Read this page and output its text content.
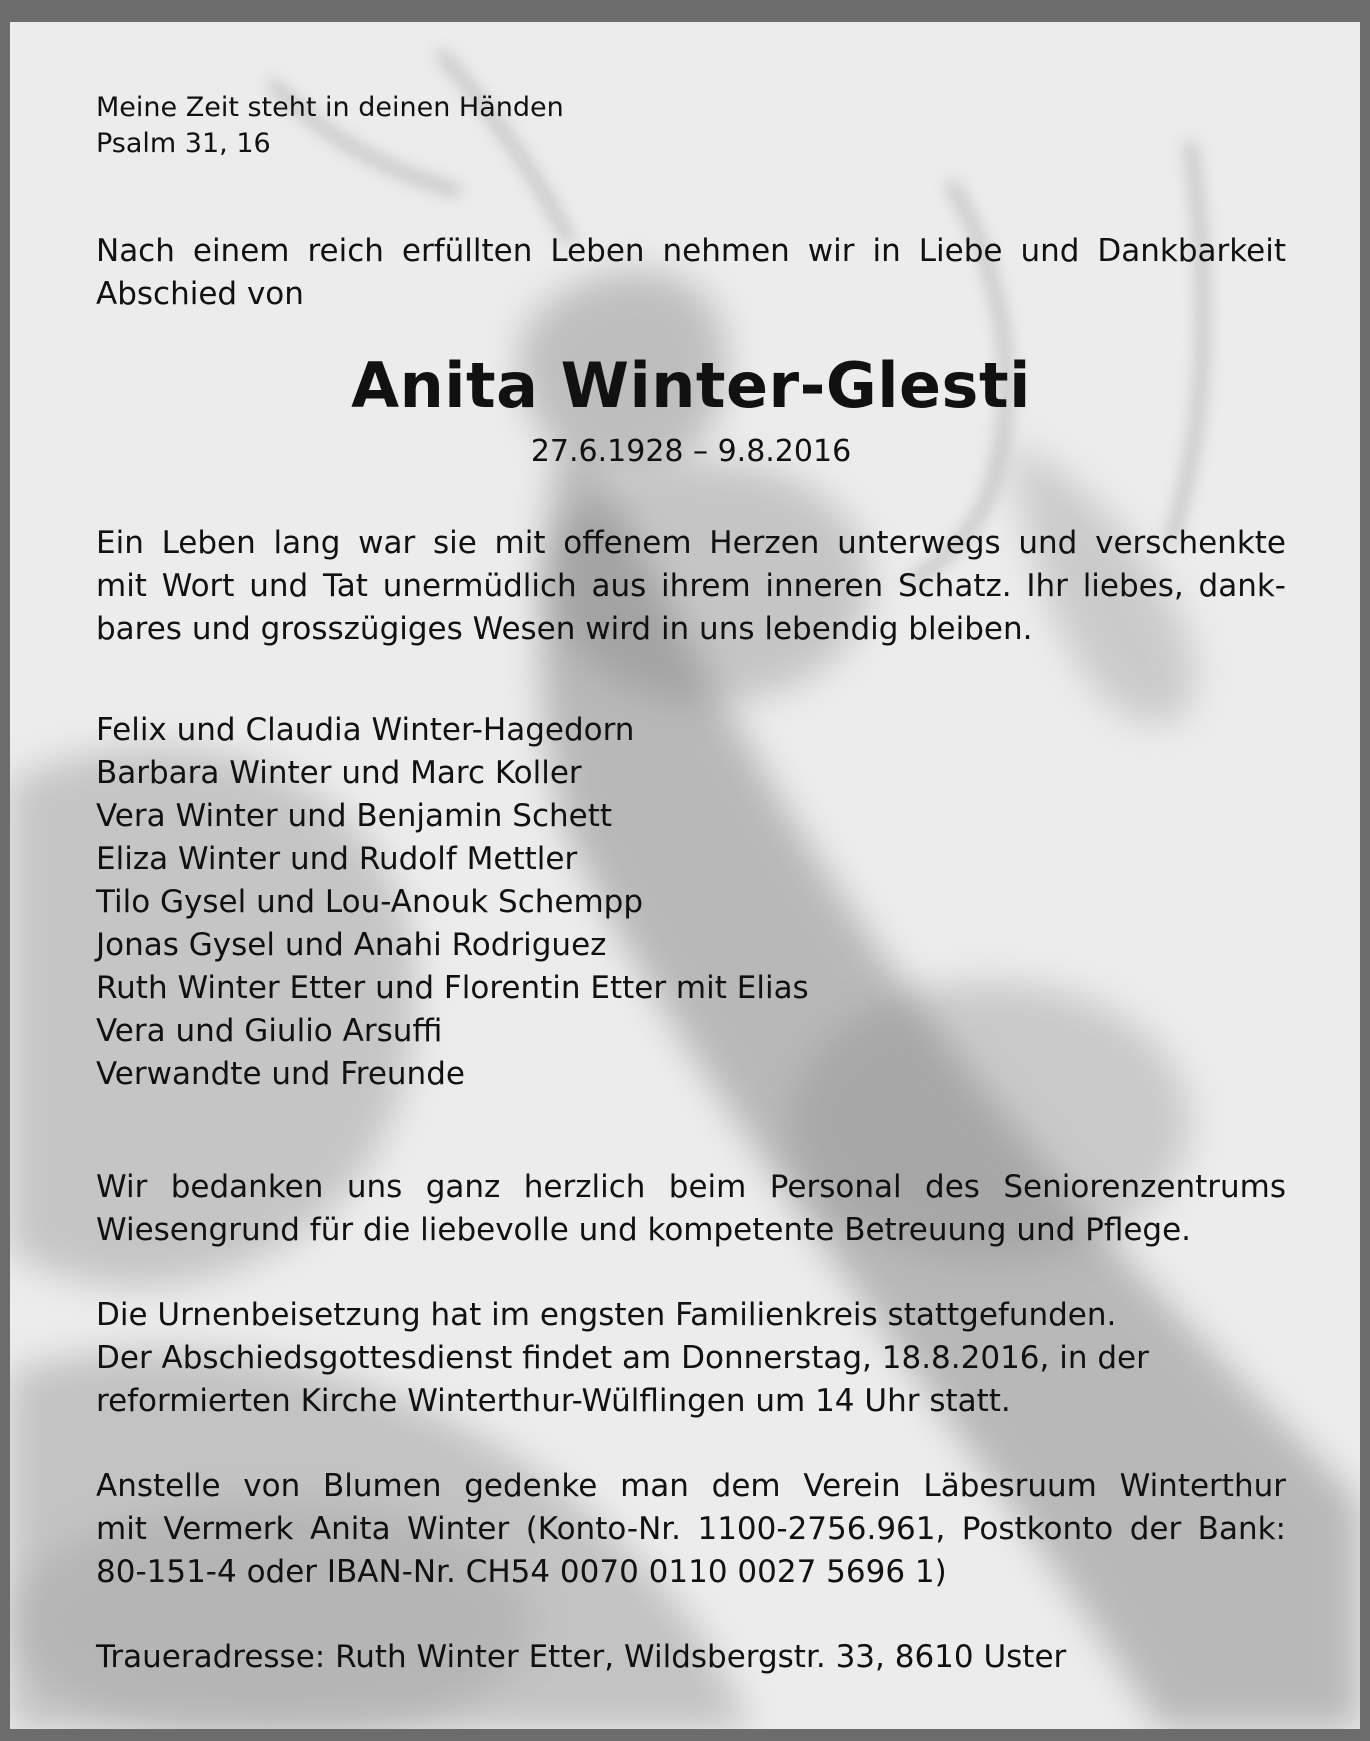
Meine Zeit steht in deinen Händen
Psalm 31, 16

Nach einem reich erfüllten Leben nehmen wir in Liebe und Dankbarkeit
Abschied von

Anita Winter-Glesti

27.6.1928 – 9.8.2016

Ein Leben lang war sie mit offenem Herzen unterwegs und verschenkte
mit Wort und Tat unermüdlich aus ihrem inneren Schatz. Ihr liebes, dank-
bares und grosszügiges Wesen wird in uns lebendig bleiben.

Felix und Claudia Winter-Hagedorn
Barbara Winter und Marc Koller
Vera Winter und Benjamin Schett
Eliza Winter und Rudolf Mettler
Tilo Gysel und Lou-Anouk Schempp
Jonas Gysel und Anahi Rodriguez
Ruth Winter Etter und Florentin Etter mit Elias
Vera und Giulio Arsuffi
Verwandte und Freunde

Wir bedanken uns ganz herzlich beim Personal des Seniorenzentrums
Wiesengrund für die liebevolle und kompetente Betreuung und Pflege.

Die Urnenbeisetzung hat im engsten Familienkreis stattgefunden.
Der Abschiedsgottesdienst findet am Donnerstag, 18.8.2016, in der
reformierten Kirche Winterthur-Wülflingen um 14 Uhr statt.

Anstelle von Blumen gedenke man dem Verein Läbesruum Winterthur
mit Vermerk Anita Winter (Konto-Nr. 1100-2756.961, Postkonto der Bank:
80-151-4 oder IBAN-Nr. CH54 0070 0110 0027 5696 1)

Traueradresse: Ruth Winter Etter, Wildsbergstr. 33, 8610 Uster
